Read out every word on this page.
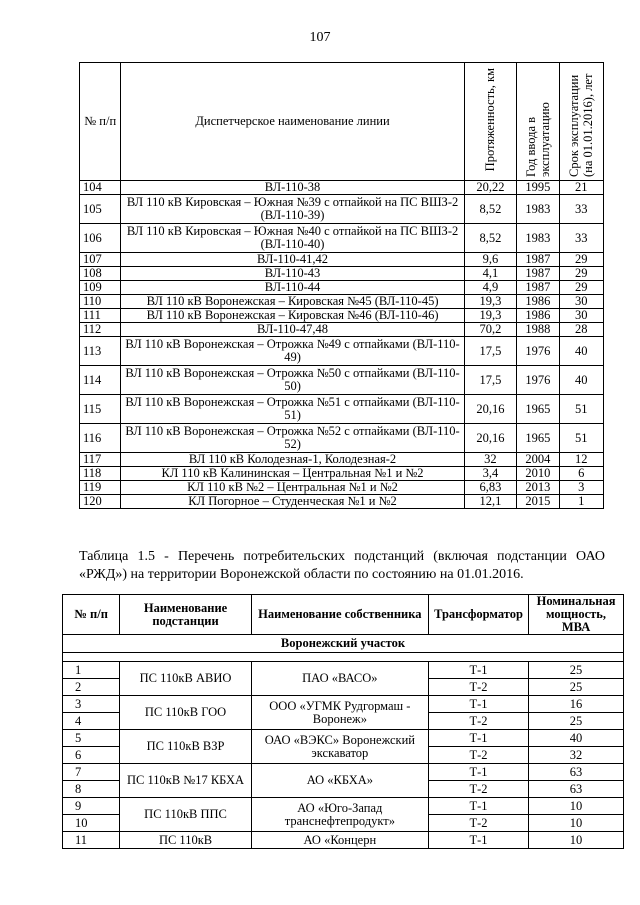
107
№ п/п	Диспетчерское наименование линии	Протяженность, км	Год ввода в эксплуатацию	Срок эксплуатации (на 01.01.2016), лет
104	ВЛ-110-38	20,22	1995	21
105	ВЛ 110 кВ Кировская – Южная №39 с отпайкой на ПС ВШЗ-2 (ВЛ-110-39)	8,52	1983	33
106	ВЛ 110 кВ Кировская – Южная №40 с отпайкой на ПС ВШЗ-2 (ВЛ-110-40)	8,52	1983	33
107	ВЛ-110-41,42	9,6	1987	29
108	ВЛ-110-43	4,1	1987	29
109	ВЛ-110-44	4,9	1987	29
110	ВЛ 110 кВ Воронежская – Кировская №45 (ВЛ-110-45)	19,3	1986	30
111	ВЛ 110 кВ Воронежская – Кировская №46 (ВЛ-110-46)	19,3	1986	30
112	ВЛ-110-47,48	70,2	1988	28
113	ВЛ 110 кВ Воронежская – Отрожка №49 с отпайками (ВЛ-110-49)	17,5	1976	40
114	ВЛ 110 кВ Воронежская – Отрожка №50 с отпайками (ВЛ-110-50)	17,5	1976	40
115	ВЛ 110 кВ Воронежская – Отрожка №51 с отпайками (ВЛ-110-51)	20,16	1965	51
116	ВЛ 110 кВ Воронежская – Отрожка №52 с отпайками (ВЛ-110-52)	20,16	1965	51
117	ВЛ 110 кВ Колодезная-1, Колодезная-2	32	2004	12
118	КЛ 110 кВ Калининская – Центральная №1 и №2	3,4	2010	6
119	КЛ 110 кВ №2 – Центральная №1 и №2	6,83	2013	3
120	КЛ Погорное – Студенческая №1 и №2	12,1	2015	1
Таблица 1.5 - Перечень потребительских подстанций (включая подстанции ОАО «РЖД») на территории Воронежской области по состоянию на 01.01.2016.
№ п/п	Наименование подстанции	Наименование собственника	Трансформатор	Номинальная мощность, МВА
Воронежский участок				

1	ПС 110кВ АВИО	ПАО «ВАСО»	Т-1	25
2			Т-2	25
3	ПС 110кВ ГОО	ООО «УГМК Рудгормаш - Воронеж»	Т-1	16
4			Т-2	25
5	ПС 110кВ ВЗР	ОАО «ВЭКС» Воронежский экскаватор	Т-1	40
6			Т-2	32
7	ПС 110кВ №17 КБХА	АО «КБХА»	Т-1	63
8			Т-2	63
9	ПС 110кВ ППС	АО «Юго-Запад транснефтепродукт»	Т-1	10
10			Т-2	10
11	ПС 110кВ	АО «Концерн	Т-1	10
